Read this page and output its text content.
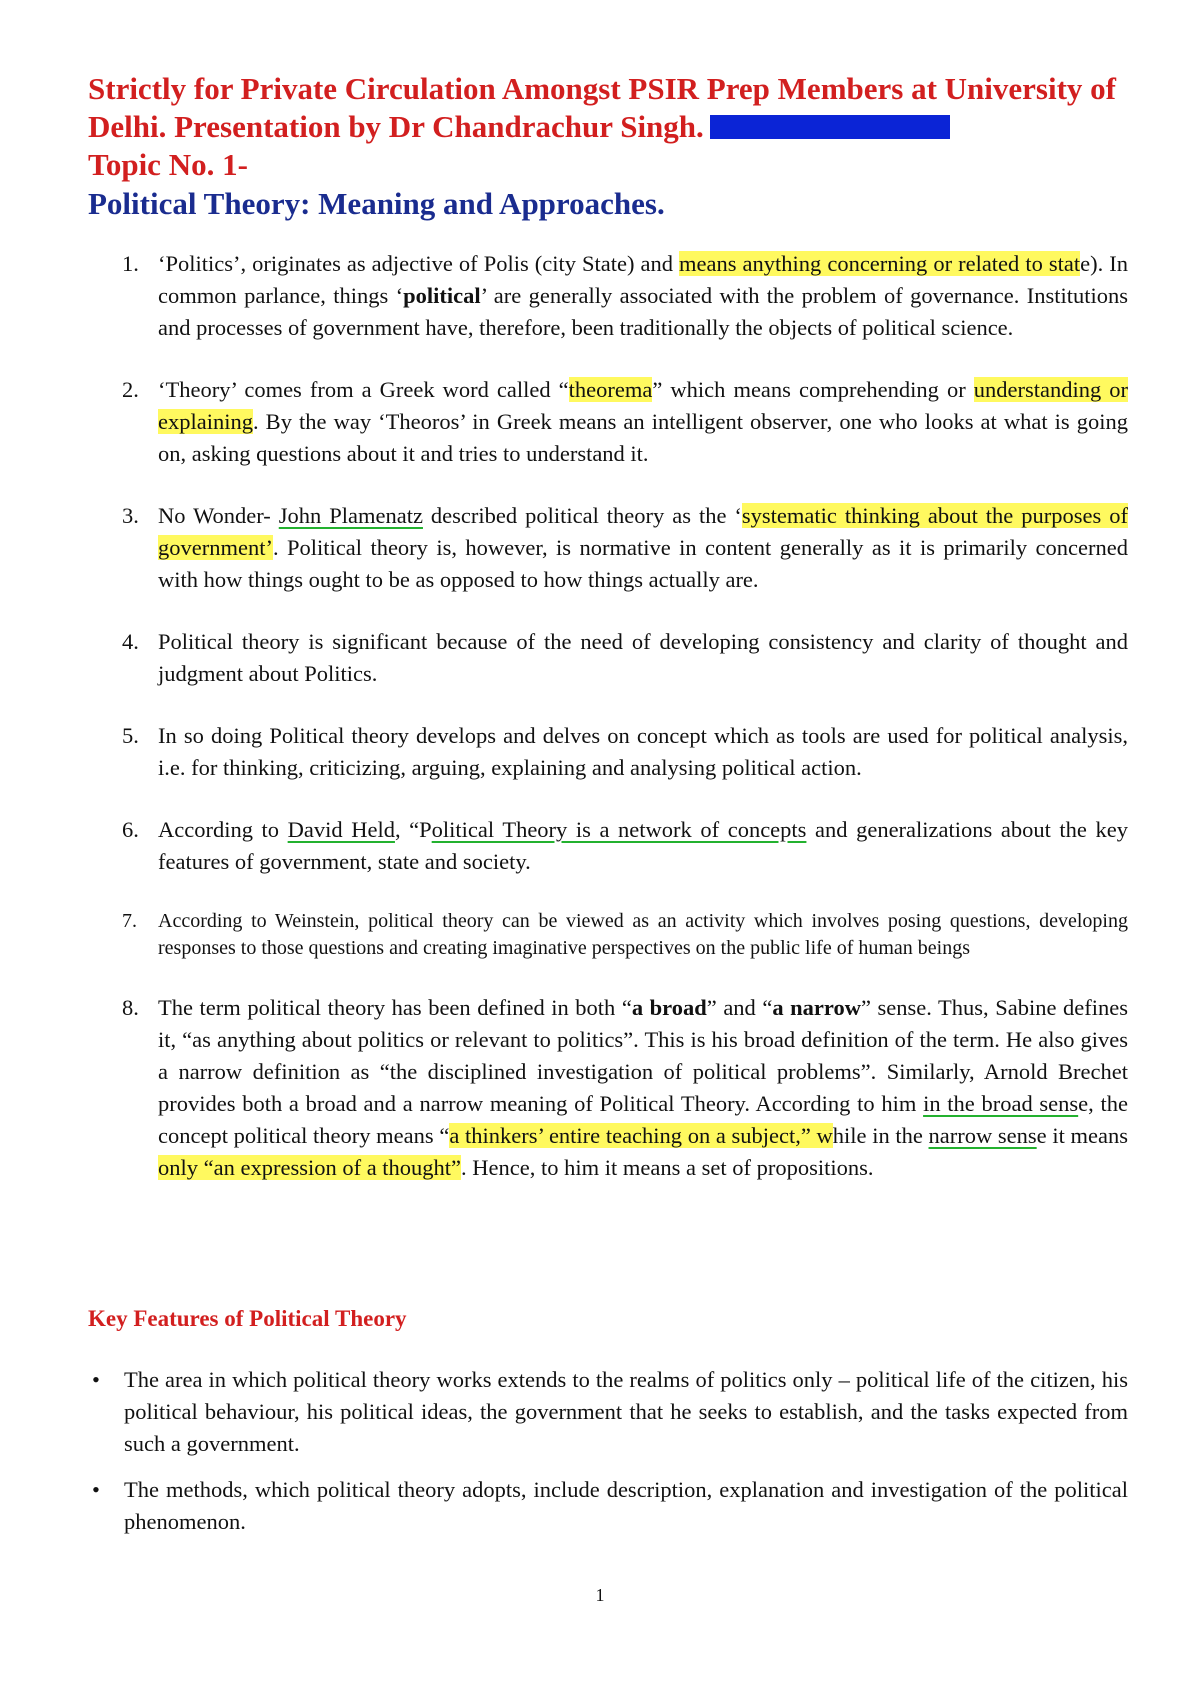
Strictly for Private Circulation Amongst PSIR Prep Members at University of
Delhi. Presentation by Dr Chandrachur Singh.
Topic No. 1-
Political Theory: Meaning and Approaches.
1. ‘Politics’, originates as adjective of Polis (city State) and means anything concerning or related to state). In common parlance, things ‘political’ are generally associated with the problem of governance. Institutions and processes of government have, therefore, been traditionally the objects of political science.
2. ‘Theory’ comes from a Greek word called “theorema” which means comprehending or understanding or explaining. By the way ‘Theoros’ in Greek means an intelligent observer, one who looks at what is going on, asking questions about it and tries to understand it.
3. No Wonder- John Plamenatz described political theory as the ‘systematic thinking about the purposes of government’. Political theory is, however, is normative in content generally as it is primarily concerned with how things ought to be as opposed to how things actually are.
4. Political theory is significant because of the need of developing consistency and clarity of thought and judgment about Politics.
5. In so doing Political theory develops and delves on concept which as tools are used for political analysis, i.e. for thinking, criticizing, arguing, explaining and analysing political action.
6. According to David Held, “Political Theory is a network of concepts and generalizations about the key features of government, state and society.
7. According to Weinstein, political theory can be viewed as an activity which involves posing questions, developing responses to those questions and creating imaginative perspectives on the public life of human beings
8. The term political theory has been defined in both “a broad” and “a narrow” sense. Thus, Sabine defines it, “as anything about politics or relevant to politics”. This is his broad definition of the term. He also gives a narrow definition as “the disciplined investigation of political problems”. Similarly, Arnold Brechet provides both a broad and a narrow meaning of Political Theory. According to him in the broad sense, the concept political theory means “a thinkers’ entire teaching on a subject,” while in the narrow sense it means only “an expression of a thought”. Hence, to him it means a set of propositions.
Key Features of Political Theory
• The area in which political theory works extends to the realms of politics only – political life of the citizen, his political behaviour, his political ideas, the government that he seeks to establish, and the tasks expected from such a government.
• The methods, which political theory adopts, include description, explanation and investigation of the political phenomenon.
1
